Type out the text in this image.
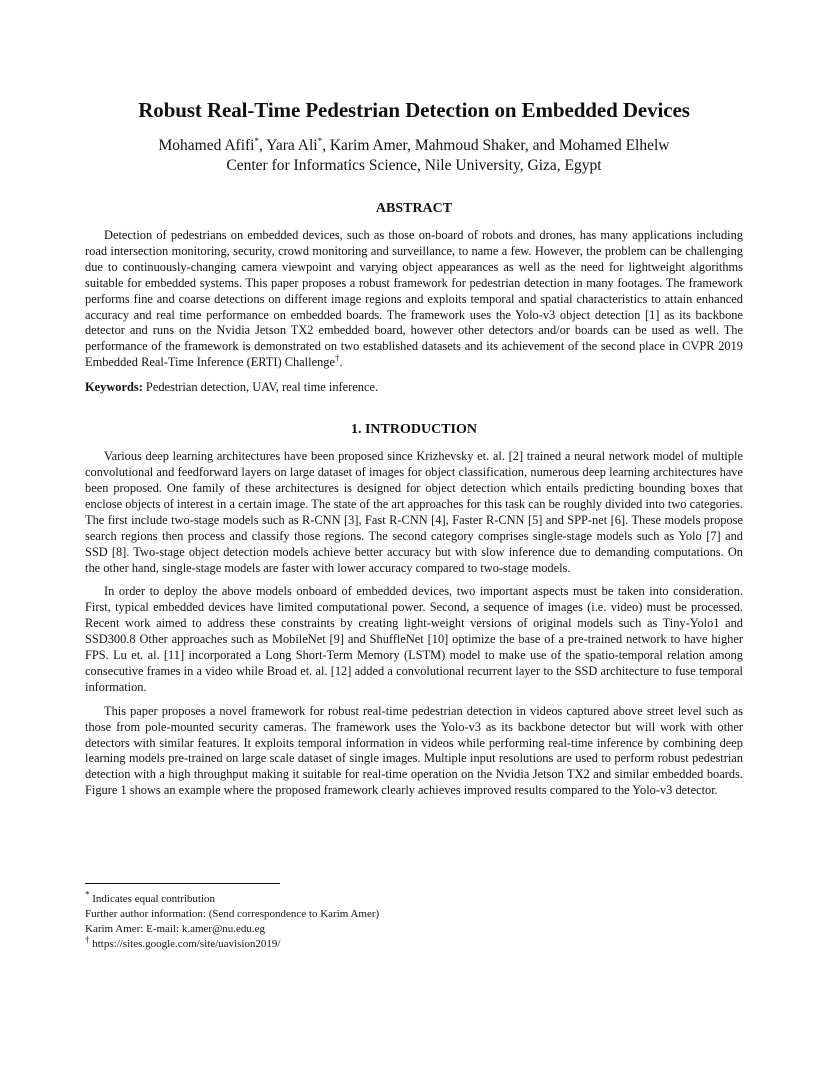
Robust Real-Time Pedestrian Detection on Embedded Devices
Mohamed Afifi*, Yara Ali*, Karim Amer, Mahmoud Shaker, and Mohamed Elhelw
Center for Informatics Science, Nile University, Giza, Egypt
ABSTRACT

Detection of pedestrians on embedded devices, such as those on-board of robots and drones, has many applications including road intersection monitoring, security, crowd monitoring and surveillance, to name a few. However, the problem can be challenging due to continuously-changing camera viewpoint and varying object appearances as well as the need for lightweight algorithms suitable for embedded systems. This paper proposes a robust framework for pedestrian detection in many footages. The framework performs fine and coarse detections on different image regions and exploits temporal and spatial characteristics to attain enhanced accuracy and real time performance on embedded boards. The framework uses the Yolo-v3 object detection [1] as its backbone detector and runs on the Nvidia Jetson TX2 embedded board, however other detectors and/or boards can be used as well. The performance of the framework is demonstrated on two established datasets and its achievement of the second place in CVPR 2019 Embedded Real-Time Inference (ERTI) Challenge†.

Keywords: Pedestrian detection, UAV, real time inference.
1. INTRODUCTION

Various deep learning architectures have been proposed since Krizhevsky et. al. [2] trained a neural network model of multiple convolutional and feedforward layers on large dataset of images for object classification, numerous deep learning architectures have been proposed. One family of these architectures is designed for object detection which entails predicting bounding boxes that enclose objects of interest in a certain image. The state of the art approaches for this task can be roughly divided into two categories. The first include two-stage models such as R-CNN [3], Fast R-CNN [4], Faster R-CNN [5] and SPP-net [6]. These models propose search regions then process and classify those regions. The second category comprises single-stage models such as Yolo [7] and SSD [8]. Two-stage object detection models achieve better accuracy but with slow inference due to demanding computations. On the other hand, single-stage models are faster with lower accuracy compared to two-stage models.

In order to deploy the above models onboard of embedded devices, two important aspects must be taken into consideration. First, typical embedded devices have limited computational power. Second, a sequence of images (i.e. video) must be processed. Recent work aimed to address these constraints by creating light-weight versions of original models such as Tiny-Yolo1 and SSD300.8 Other approaches such as MobileNet [9] and ShuffleNet [10] optimize the base of a pre-trained network to have higher FPS. Lu et. al. [11] incorporated a Long Short-Term Memory (LSTM) model to make use of the spatio-temporal relation among consecutive frames in a video while Broad et. al. [12] added a convolutional recurrent layer to the SSD architecture to fuse temporal information.

This paper proposes a novel framework for robust real-time pedestrian detection in videos captured above street level such as those from pole-mounted security cameras. The framework uses the Yolo-v3 as its backbone detector but will work with other detectors with similar features. It exploits temporal information in videos while performing real-time inference by combining deep learning models pre-trained on large scale dataset of single images. Multiple input resolutions are used to perform robust pedestrian detection with a high throughput making it suitable for real-time operation on the Nvidia Jetson TX2 and similar embedded boards. Figure 1 shows an example where the proposed framework clearly achieves improved results compared to the Yolo-v3 detector.

* Indicates equal contribution
Further author information: (Send correspondence to Karim Amer)
Karim Amer: E-mail: k.amer@nu.edu.eg
† https://sites.google.com/site/uavision2019/
